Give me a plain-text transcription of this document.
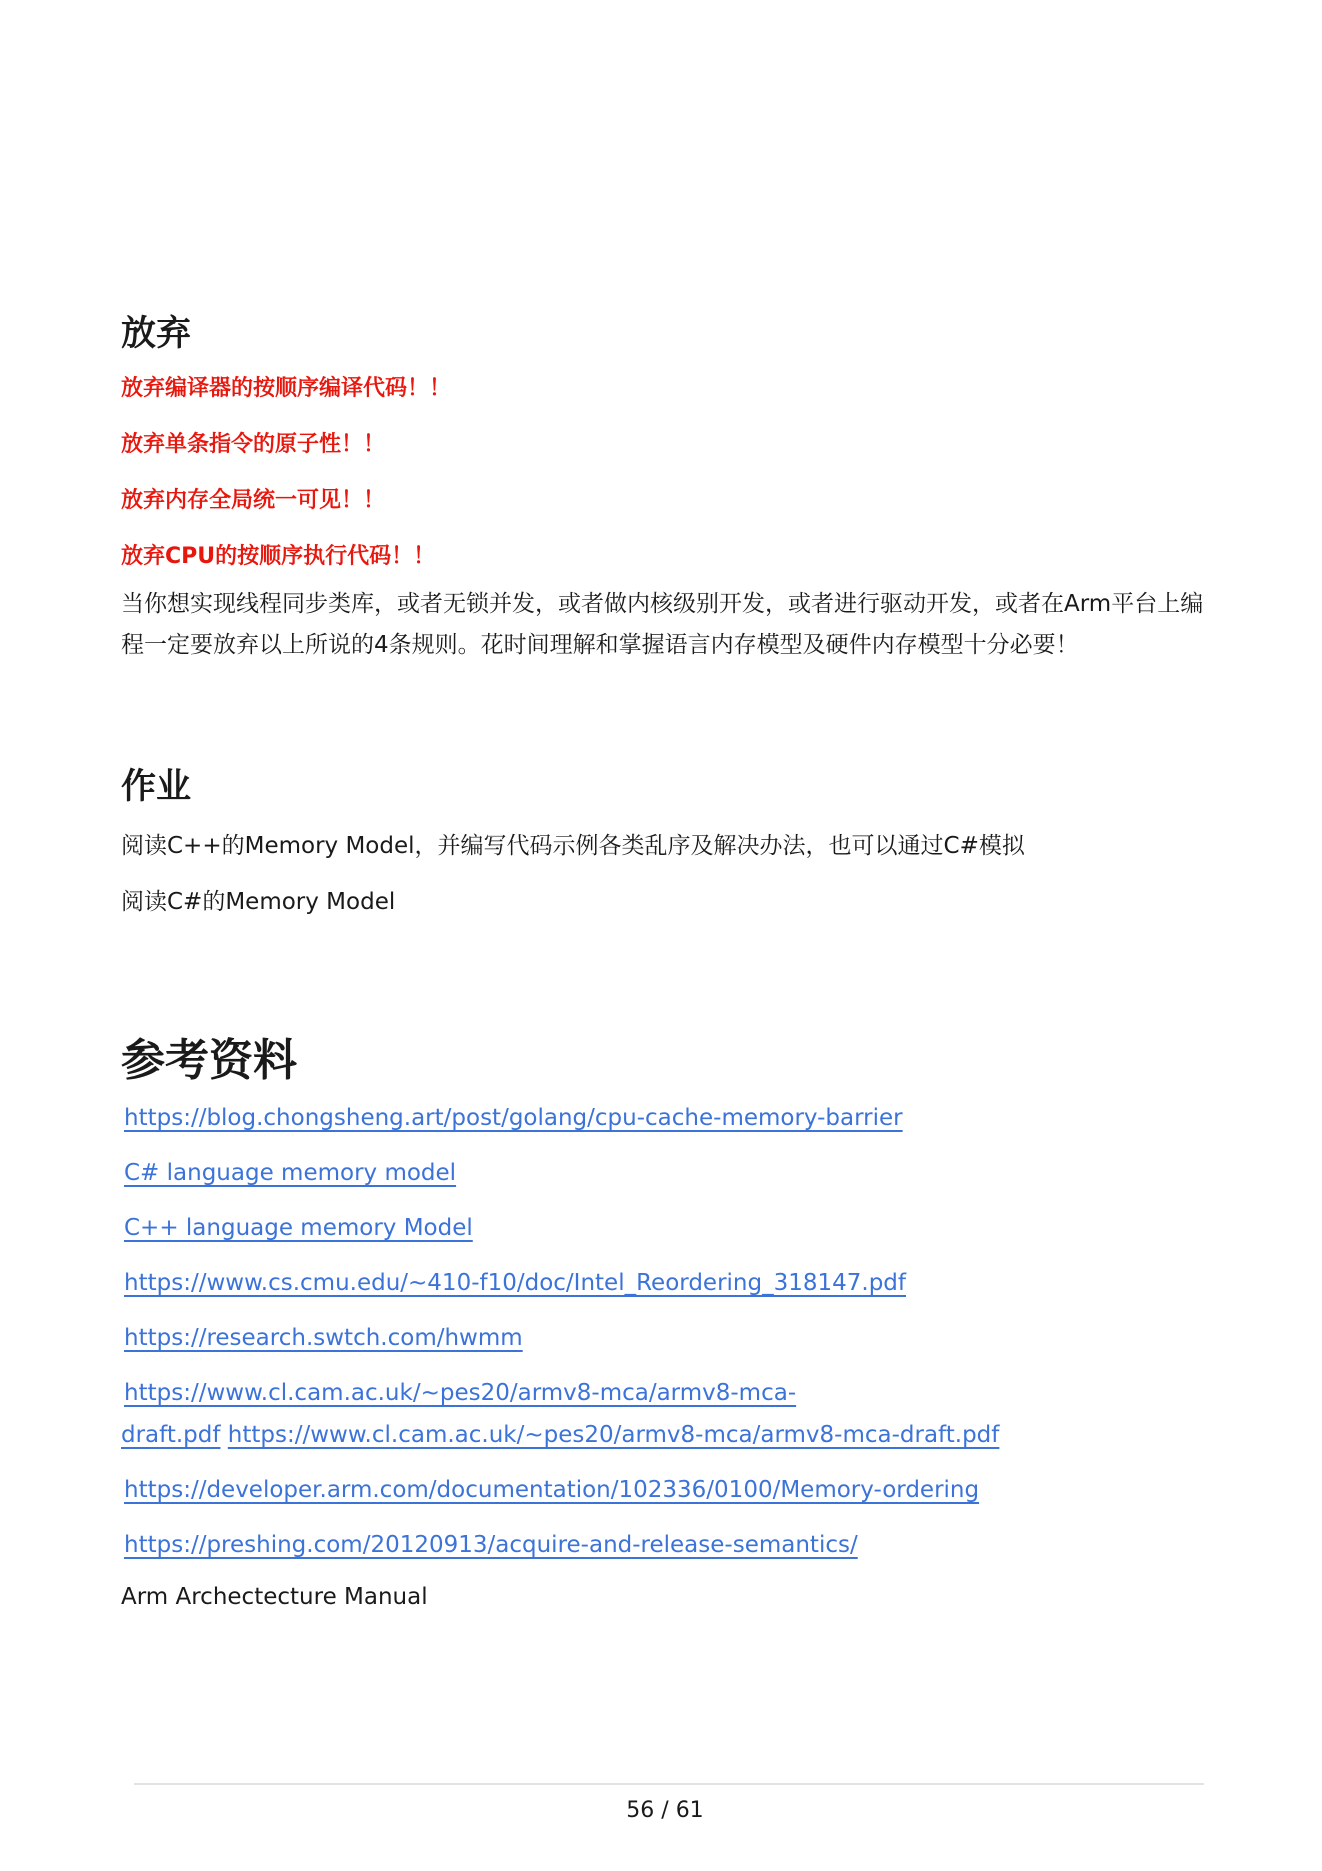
放弃

放弃编译器的按顺序编译代码！！

放弃单条指令的原子性！！

放弃内存全局统一可见！！

放弃CPU的按顺序执行代码！！

当你想实现线程同步类库，或者无锁并发，或者做内核级别开发，或者进行驱动开发，或者在Arm平台上编程一定要放弃以上所说的4条规则。花时间理解和掌握语言内存模型及硬件内存模型十分必要！

作业

阅读C++的Memory Model，并编写代码示例各类乱序及解决办法，也可以通过C#模拟

阅读C#的Memory Model

参考资料

https://blog.chongsheng.art/post/golang/cpu-cache-memory-barrier

C# language memory model

C++ language memory Model

https://www.cs.cmu.edu/~410-f10/doc/Intel_Reordering_318147.pdf

https://research.swtch.com/hwmm

https://www.cl.cam.ac.uk/~pes20/armv8-mca/armv8-mca-

draft.pdf https://www.cl.cam.ac.uk/~pes20/armv8-mca/armv8-mca-draft.pdf

https://developer.arm.com/documentation/102336/0100/Memory-ordering

https://preshing.com/20120913/acquire-and-release-semantics/

Arm Archectecture Manual

56 / 61
